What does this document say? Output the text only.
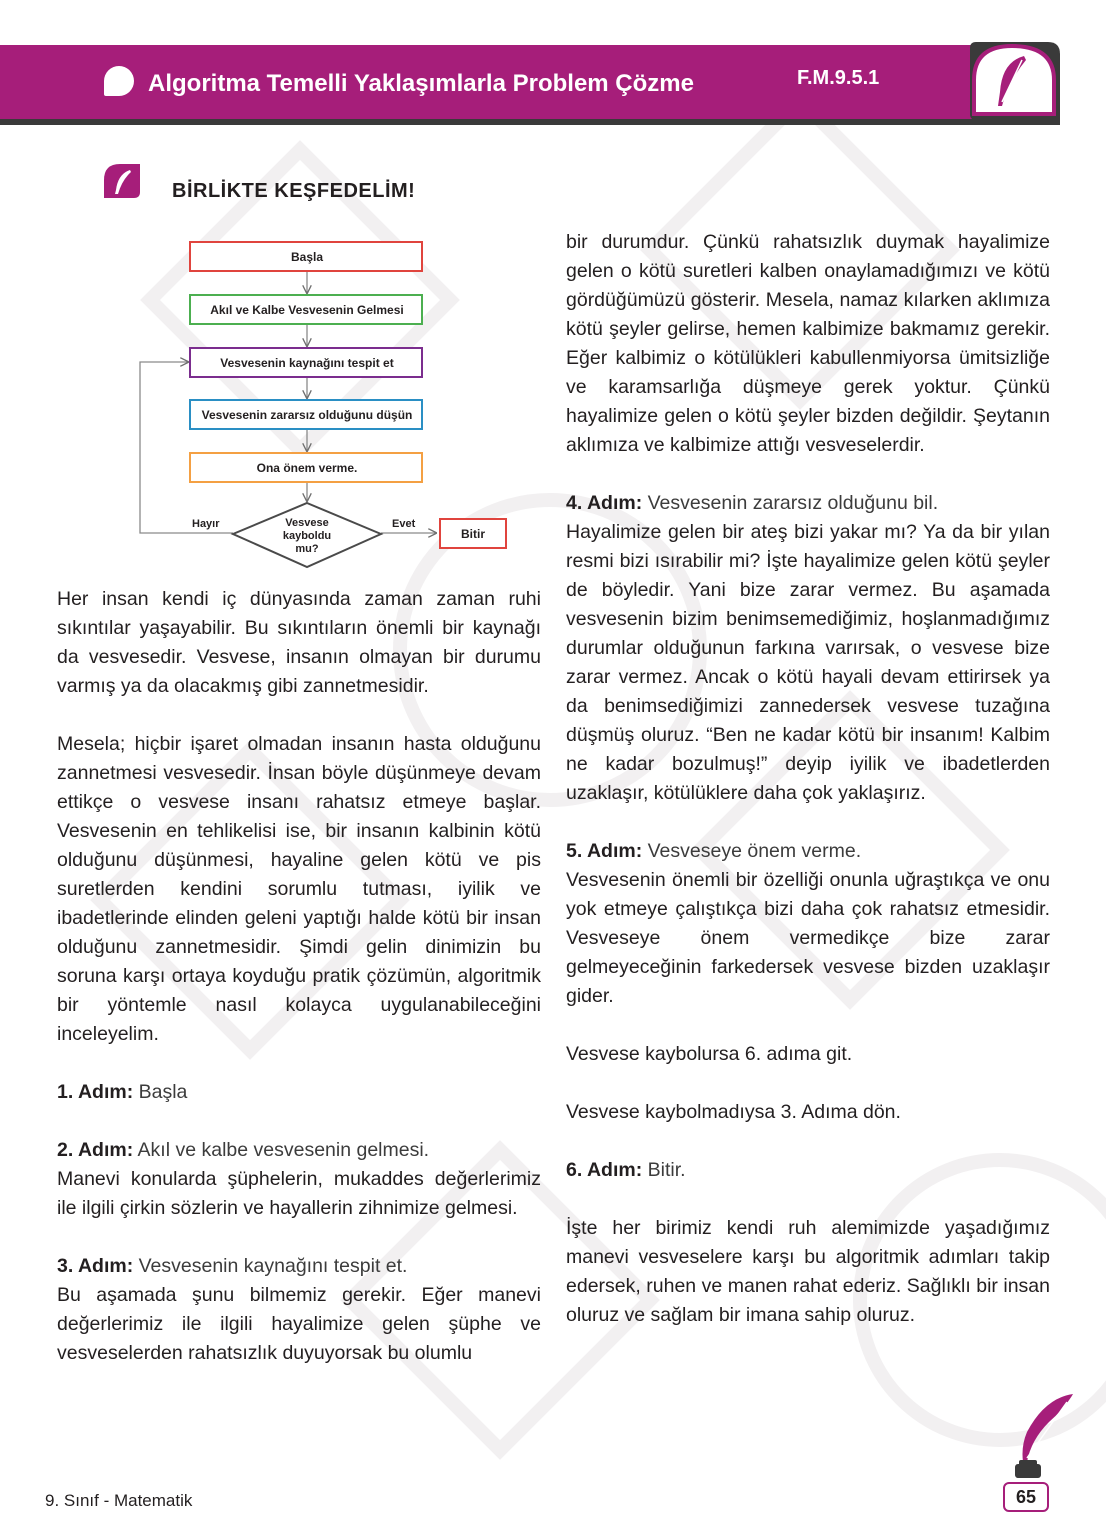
Algoritma Temelli Yaklaşımlarla Problem Çözme	F.M.9.5.1
BİRLİKTE KEŞFEDELİM!
Başla
Akıl ve Kalbe Vesvesenin Gelmesi
Vesvesenin kaynağını tespit et
Vesvesenin zararsız olduğunu düşün
Ona önem verme.
Vesvese
kayboldu
mu?
Hayır	Evet
Bitir

Her insan kendi iç dünyasında zaman zaman ruhi sıkıntılar yaşayabilir. Bu sıkıntıların önemli bir kaynağı da vesvesedir. Vesvese, insanın olmayan bir durumu varmış ya da olacakmış gibi zannetmesidir.

Mesela; hiçbir işaret olmadan insanın hasta olduğunu zannetmesi vesvesedir. İnsan böyle düşünmeye devam ettikçe o vesvese insanı rahatsız etmeye başlar. Vesvesenin en tehlikelisi ise, bir insanın kalbinin kötü olduğunu düşünmesi, hayaline gelen kötü ve pis suretlerden kendini sorumlu tutması, iyilik ve ibadetlerinde elinden geleni yaptığı halde kötü bir insan olduğunu zannetmesidir. Şimdi gelin dinimizin bu soruna karşı ortaya koyduğu pratik çözümün, algoritmik bir yöntemle nasıl kolayca uygulanabileceğini inceleyelim.

1. Adım: Başla

2. Adım: Akıl ve kalbe vesvesenin gelmesi.

Manevi konularda şüphelerin, mukaddes değerlerimiz ile ilgili çirkin sözlerin ve hayallerin zihnimize gelmesi.

3. Adım: Vesvesenin kaynağını tespit et.

Bu aşamada şunu bilmemiz gerekir. Eğer manevi değerlerimiz ile ilgili hayalimize gelen şüphe ve vesveselerden rahatsızlık duyuyorsak bu olumlu

bir durumdur. Çünkü rahatsızlık duymak hayalimize gelen o kötü suretleri kalben onaylamadığımızı ve kötü gördüğümüzü gösterir. Mesela, namaz kılarken aklımıza kötü şeyler gelirse, hemen kalbimize bakmamız gerekir. Eğer kalbimiz o kötülükleri kabullenmiyorsa ümitsizliğe ve karamsarlığa düşmeye gerek yoktur. Çünkü hayalimize gelen o kötü şeyler bizden değildir. Şeytanın aklımıza ve kalbimize attığı vesveselerdir.

4. Adım: Vesvesenin zararsız olduğunu bil.

Hayalimize gelen bir ateş bizi yakar mı? Ya da bir yılan resmi bizi ısırabilir mi? İşte hayalimize gelen kötü şeyler de böyledir. Yani bize zarar vermez. Bu aşamada vesvesenin bizim benimsemediğimiz, hoşlanmadığımız durumlar olduğunun farkına varırsak, o vesvese bize zarar vermez. Ancak o kötü hayali devam ettirirsek ya da benimsediğimizi zannedersek vesvese tuzağına düşmüş oluruz. “Ben ne kadar kötü bir insanım! Kalbim ne kadar bozulmuş!” deyip iyilik ve ibadetlerden uzaklaşır, kötülüklere daha çok yaklaşırız.

5. Adım: Vesveseye önem verme.

Vesvesenin önemli bir özelliği onunla uğraştıkça ve onu yok etmeye çalıştıkça bizi daha çok rahatsız etmesidir. Vesveseye önem vermedikçe bize zarar gelmeyeceğinin farkedersek vesvese bizden uzaklaşır gider.

Vesvese kaybolursa 6. adıma git.

Vesvese kaybolmadıysa 3. Adıma dön.

6. Adım: Bitir.

İşte her birimiz kendi ruh alemimizde yaşadığımız manevi vesveselere karşı bu algoritmik adımları takip edersek, ruhen ve manen rahat ederiz. Sağlıklı bir insan oluruz ve sağlam bir imana sahip oluruz.

9. Sınıf - Matematik	65
